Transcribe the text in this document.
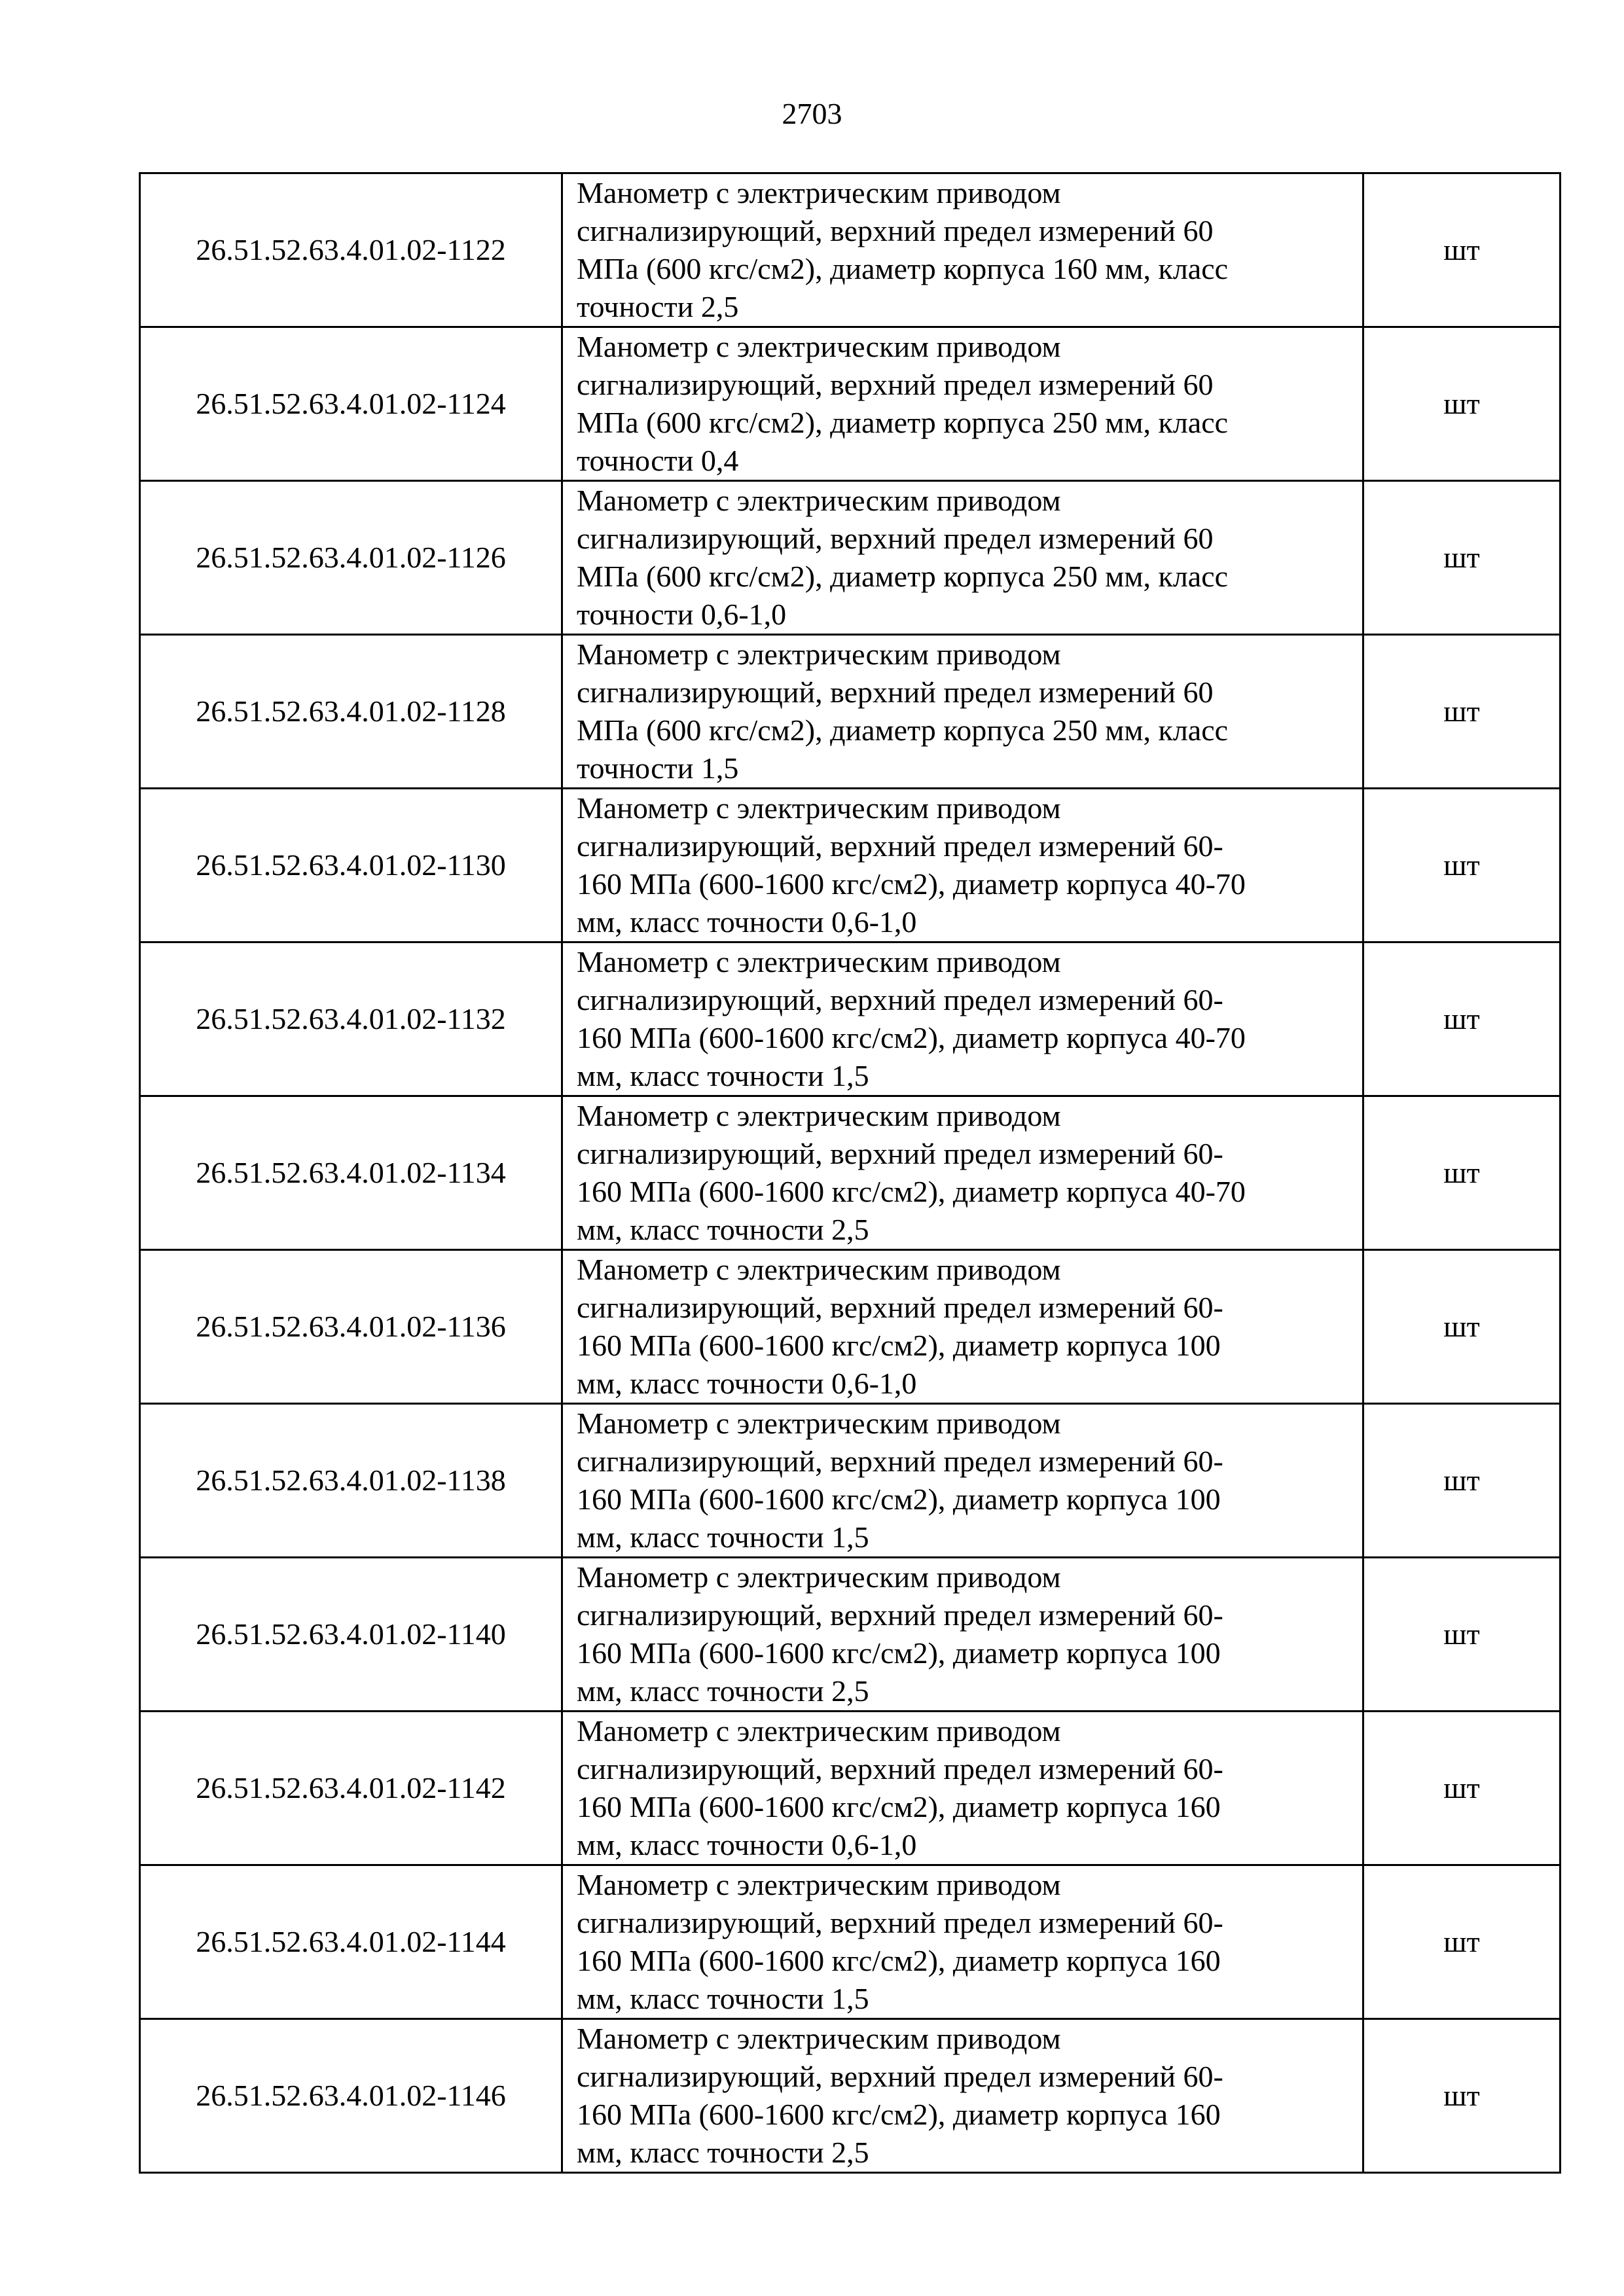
2703
26.51.52.63.4.01.02-1122	Манометр с электрическим приводом
сигнализирующий, верхний предел измерений 60
МПа (600 кгс/см2), диаметр корпуса 160 мм, класс
точности 2,5	шт
26.51.52.63.4.01.02-1124	Манометр с электрическим приводом
сигнализирующий, верхний предел измерений 60
МПа (600 кгс/см2), диаметр корпуса 250 мм, класс
точности 0,4	шт
26.51.52.63.4.01.02-1126	Манометр с электрическим приводом
сигнализирующий, верхний предел измерений 60
МПа (600 кгс/см2), диаметр корпуса 250 мм, класс
точности 0,6-1,0	шт
26.51.52.63.4.01.02-1128	Манометр с электрическим приводом
сигнализирующий, верхний предел измерений 60
МПа (600 кгс/см2), диаметр корпуса 250 мм, класс
точности 1,5	шт
26.51.52.63.4.01.02-1130	Манометр с электрическим приводом
сигнализирующий, верхний предел измерений 60-
160 МПа (600-1600 кгс/см2), диаметр корпуса 40-70
мм, класс точности 0,6-1,0	шт
26.51.52.63.4.01.02-1132	Манометр с электрическим приводом
сигнализирующий, верхний предел измерений 60-
160 МПа (600-1600 кгс/см2), диаметр корпуса 40-70
мм, класс точности 1,5	шт
26.51.52.63.4.01.02-1134	Манометр с электрическим приводом
сигнализирующий, верхний предел измерений 60-
160 МПа (600-1600 кгс/см2), диаметр корпуса 40-70
мм, класс точности 2,5	шт
26.51.52.63.4.01.02-1136	Манометр с электрическим приводом
сигнализирующий, верхний предел измерений 60-
160 МПа (600-1600 кгс/см2), диаметр корпуса 100
мм, класс точности 0,6-1,0	шт
26.51.52.63.4.01.02-1138	Манометр с электрическим приводом
сигнализирующий, верхний предел измерений 60-
160 МПа (600-1600 кгс/см2), диаметр корпуса 100
мм, класс точности 1,5	шт
26.51.52.63.4.01.02-1140	Манометр с электрическим приводом
сигнализирующий, верхний предел измерений 60-
160 МПа (600-1600 кгс/см2), диаметр корпуса 100
мм, класс точности 2,5	шт
26.51.52.63.4.01.02-1142	Манометр с электрическим приводом
сигнализирующий, верхний предел измерений 60-
160 МПа (600-1600 кгс/см2), диаметр корпуса 160
мм, класс точности 0,6-1,0	шт
26.51.52.63.4.01.02-1144	Манометр с электрическим приводом
сигнализирующий, верхний предел измерений 60-
160 МПа (600-1600 кгс/см2), диаметр корпуса 160
мм, класс точности 1,5	шт
26.51.52.63.4.01.02-1146	Манометр с электрическим приводом
сигнализирующий, верхний предел измерений 60-
160 МПа (600-1600 кгс/см2), диаметр корпуса 160
мм, класс точности 2,5	шт
